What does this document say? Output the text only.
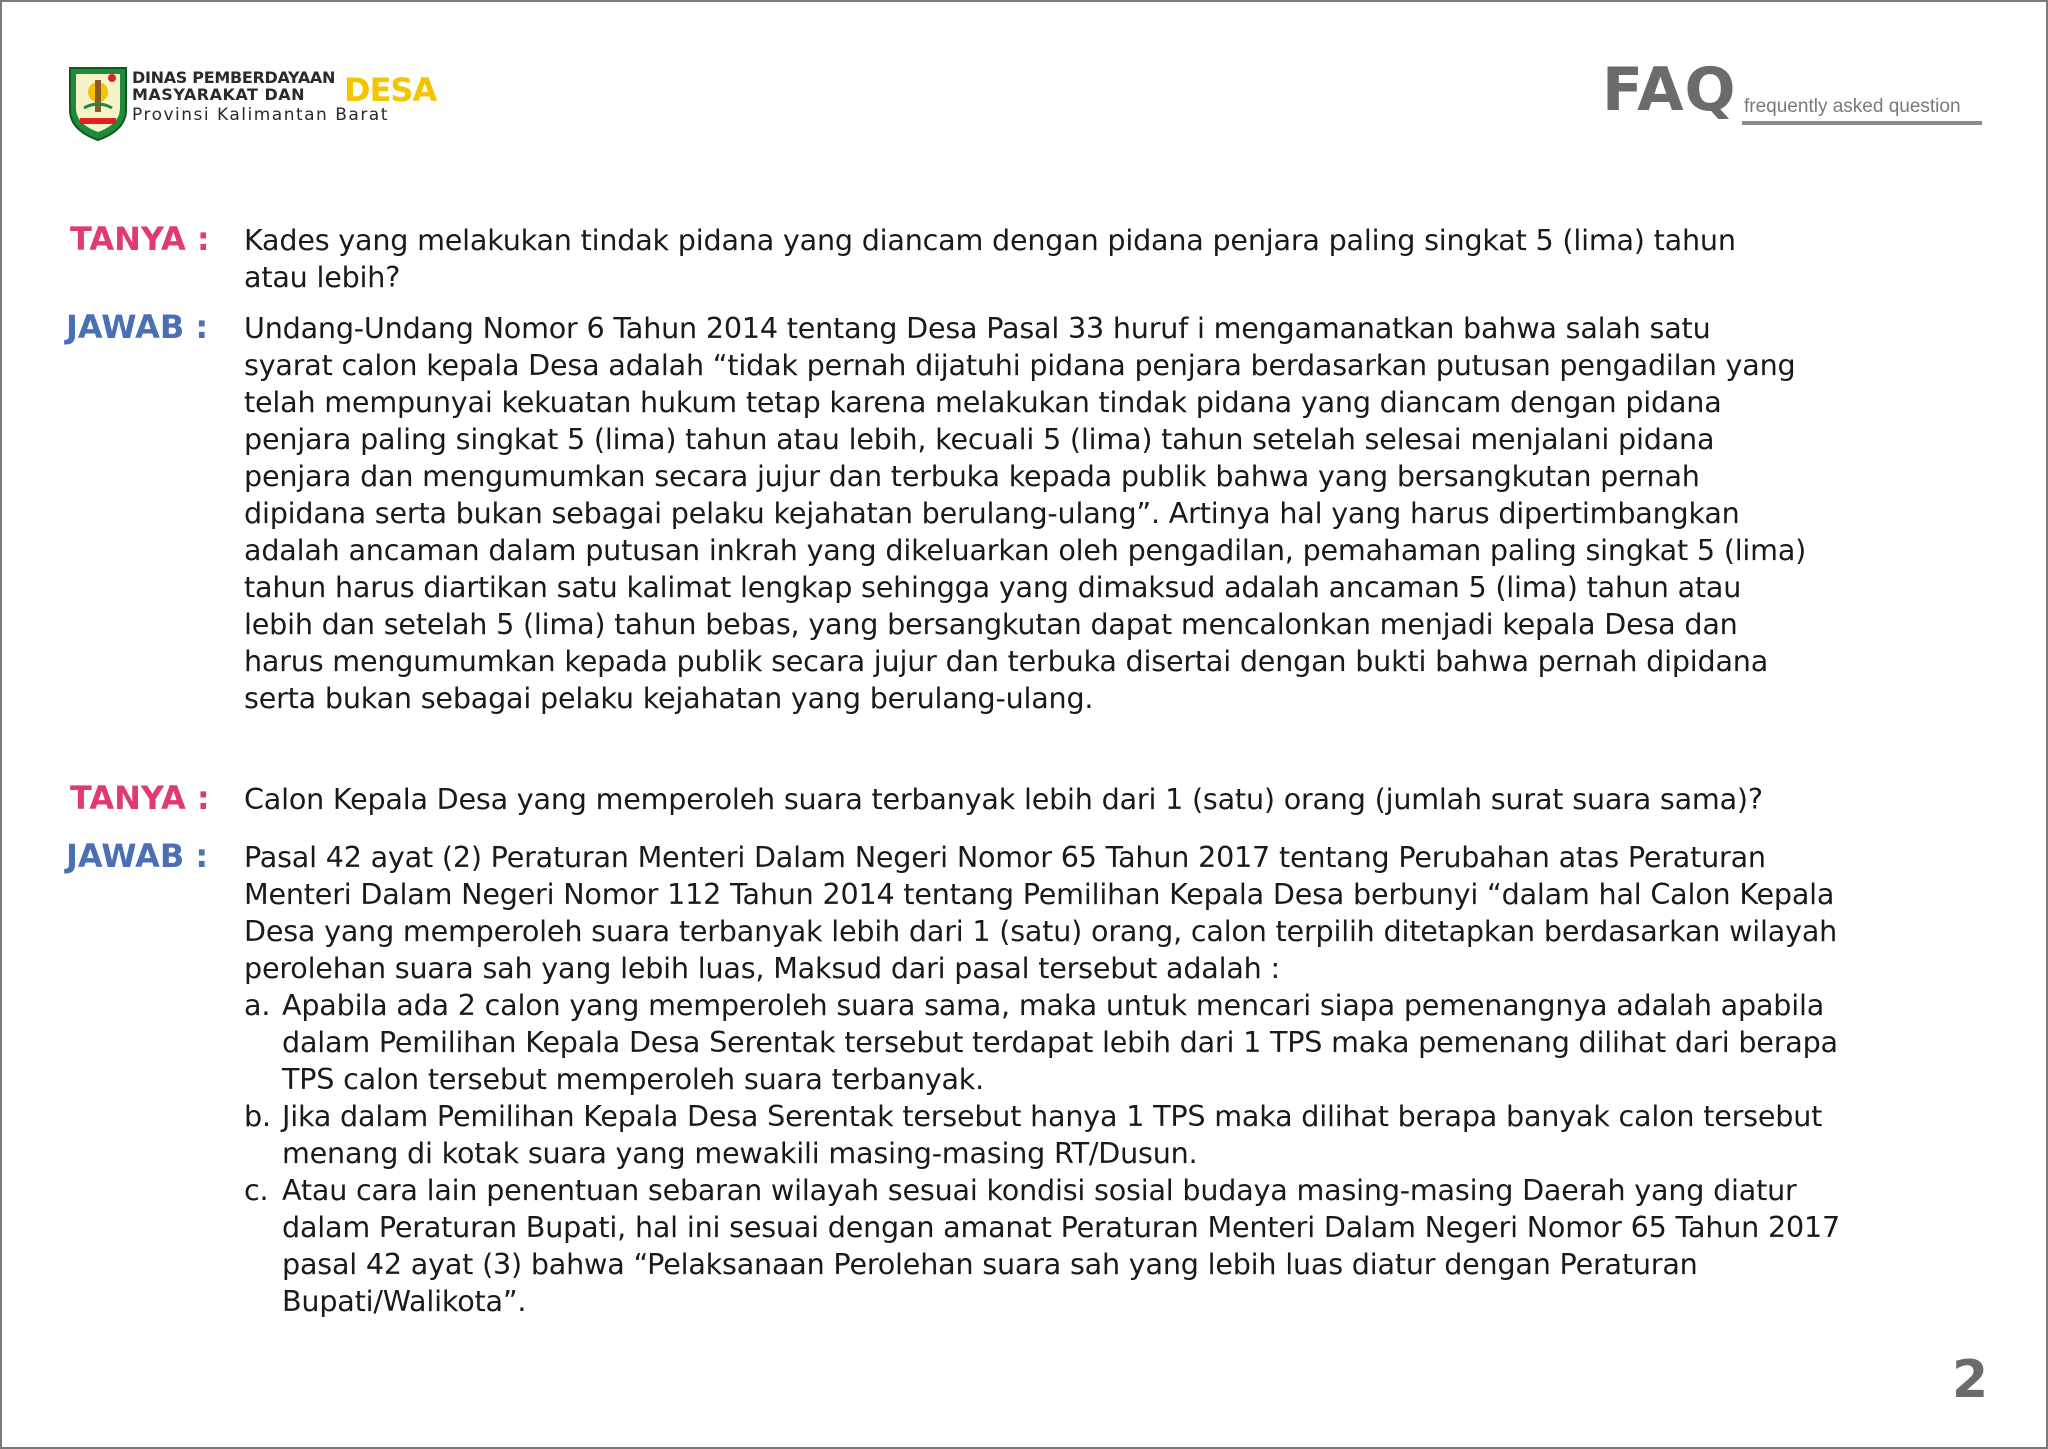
DINAS PEMBERDAYAAN
MASYARAKAT DAN	DESA
Provinsi Kalimantan Barat	FAQ frequently asked question
TANYA : Kades yang melakukan tindak pidana yang diancam dengan pidana penjara paling singkat 5 (lima) tahun
atau lebih?
JAWAB : Undang-Undang Nomor 6 Tahun 2014 tentang Desa Pasal 33 huruf i mengamanatkan bahwa salah satu
syarat calon kepala Desa adalah “tidak pernah dijatuhi pidana penjara berdasarkan putusan pengadilan yang
telah mempunyai kekuatan hukum tetap karena melakukan tindak pidana yang diancam dengan pidana
penjara paling singkat 5 (lima) tahun atau lebih, kecuali 5 (lima) tahun setelah selesai menjalani pidana
penjara dan mengumumkan secara jujur dan terbuka kepada publik bahwa yang bersangkutan pernah
dipidana serta bukan sebagai pelaku kejahatan berulang-ulang”. Artinya hal yang harus dipertimbangkan
adalah ancaman dalam putusan inkrah yang dikeluarkan oleh pengadilan, pemahaman paling singkat 5 (lima)
tahun harus diartikan satu kalimat lengkap sehingga yang dimaksud adalah ancaman 5 (lima) tahun atau
lebih dan setelah 5 (lima) tahun bebas, yang bersangkutan dapat mencalonkan menjadi kepala Desa dan
harus mengumumkan kepada publik secara jujur dan terbuka disertai dengan bukti bahwa pernah dipidana
serta bukan sebagai pelaku kejahatan yang berulang-ulang.
TANYA : Calon Kepala Desa yang memperoleh suara terbanyak lebih dari 1 (satu) orang (jumlah surat suara sama)?
JAWAB : Pasal 42 ayat (2) Peraturan Menteri Dalam Negeri Nomor 65 Tahun 2017 tentang Perubahan atas Peraturan
Menteri Dalam Negeri Nomor 112 Tahun 2014 tentang Pemilihan Kepala Desa berbunyi “dalam hal Calon Kepala
Desa yang memperoleh suara terbanyak lebih dari 1 (satu) orang, calon terpilih ditetapkan berdasarkan wilayah
perolehan suara sah yang lebih luas, Maksud dari pasal tersebut adalah :
a. Apabila ada 2 calon yang memperoleh suara sama, maka untuk mencari siapa pemenangnya adalah apabila
dalam Pemilihan Kepala Desa Serentak tersebut terdapat lebih dari 1 TPS maka pemenang dilihat dari berapa
TPS calon tersebut memperoleh suara terbanyak.
b. Jika dalam Pemilihan Kepala Desa Serentak tersebut hanya 1 TPS maka dilihat berapa banyak calon tersebut
menang di kotak suara yang mewakili masing-masing RT/Dusun.
c. Atau cara lain penentuan sebaran wilayah sesuai kondisi sosial budaya masing-masing Daerah yang diatur
dalam Peraturan Bupati, hal ini sesuai dengan amanat Peraturan Menteri Dalam Negeri Nomor 65 Tahun 2017
pasal 42 ayat (3) bahwa “Pelaksanaan Perolehan suara sah yang lebih luas diatur dengan Peraturan
Bupati/Walikota”.
2
